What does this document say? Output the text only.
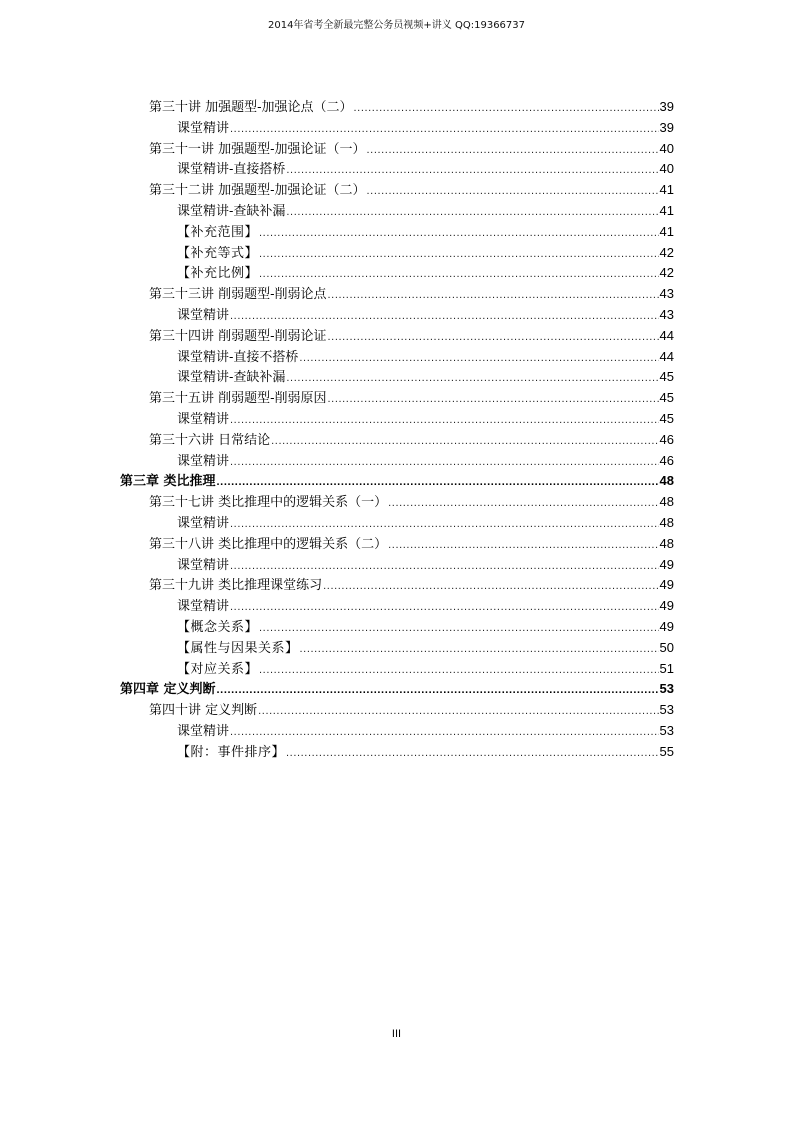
2014年省考全新最完整公务员视频+讲义 QQ:19366737
第三十讲 加强题型-加强论点（二） .....	39
课堂精讲 .....	39
第三十一讲 加强题型-加强论证（一） .....	40
课堂精讲-直接搭桥 .....	40
第三十二讲 加强题型-加强论证（二） .....	41
课堂精讲-查缺补漏 .....	41
【补充范围】 .....	41
【补充等式】 .....	42
【补充比例】 .....	42
第三十三讲 削弱题型-削弱论点 .....	43
课堂精讲 .....	43
第三十四讲 削弱题型-削弱论证 .....	44
课堂精讲-直接不搭桥 .....	44
课堂精讲-查缺补漏 .....	45
第三十五讲 削弱题型-削弱原因 .....	45
课堂精讲 .....	45
第三十六讲 日常结论 .....	46
课堂精讲 .....	46
第三章 类比推理 .....	48
第三十七讲 类比推理中的逻辑关系（一） .....	48
课堂精讲 .....	48
第三十八讲 类比推理中的逻辑关系（二） .....	48
课堂精讲 .....	49
第三十九讲 类比推理课堂练习 .....	49
课堂精讲 .....	49
【概念关系】 .....	49
【属性与因果关系】 .....	50
【对应关系】 .....	51
第四章 定义判断 .....	53
第四十讲 定义判断 .....	53
课堂精讲 .....	53
【附：事件排序】 .....	55
III
